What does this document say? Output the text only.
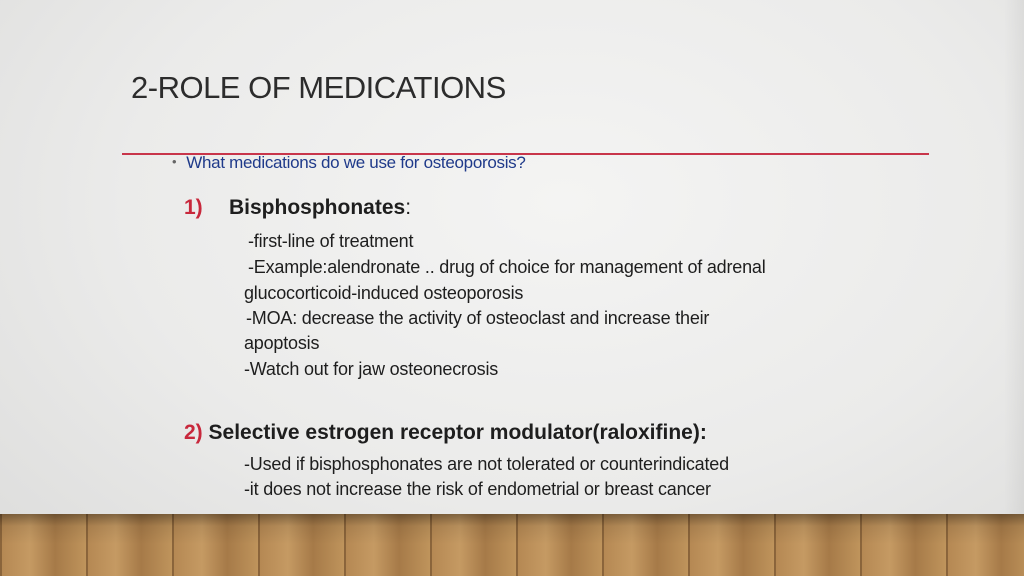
2-ROLE OF MEDICATIONS
• What medications do we use for osteoporosis?
1) Bisphosphonates:
-first-line of treatment
-Example:alendronate .. drug of choice for management of adrenal
glucocorticoid-induced osteoporosis
-MOA: decrease the activity of osteoclast and increase their
apoptosis
-Watch out for jaw osteonecrosis
2) Selective estrogen receptor modulator(raloxifine):
-Used if bisphosphonates are not tolerated or counterindicated
-it does not increase the risk of endometrial or breast cancer
